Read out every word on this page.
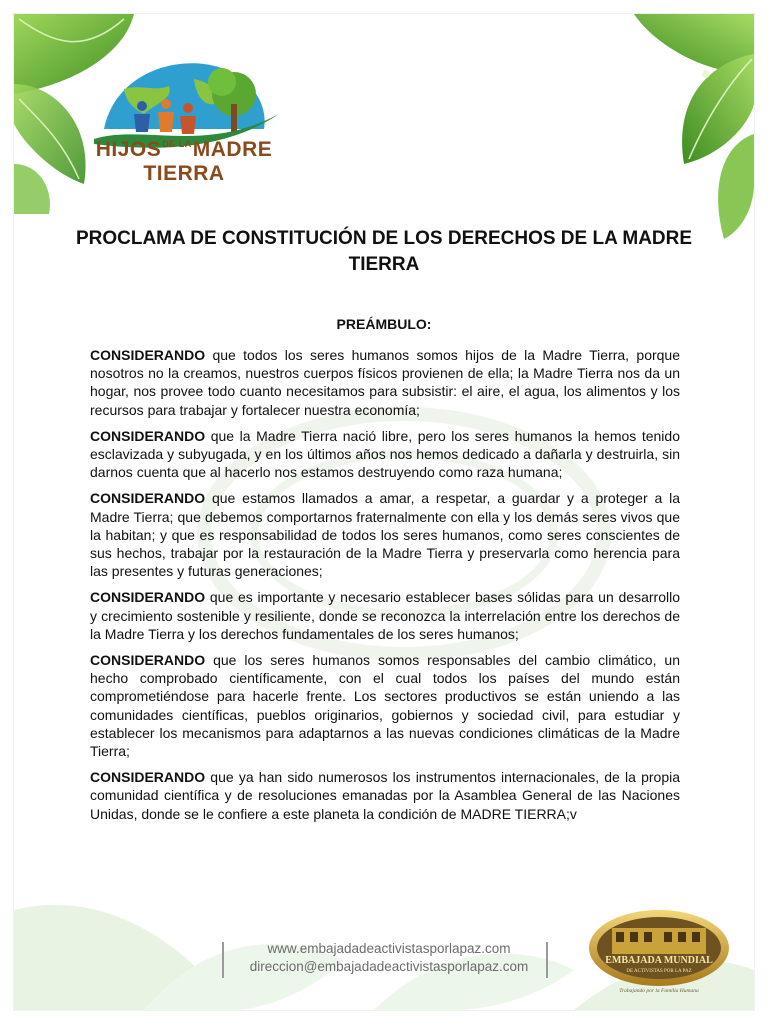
HIJOSDE LAMADRE TIERRA
PROCLAMA DE CONSTITUCIÓN DE LOS DERECHOS DE LA MADRE TIERRA
PREÁMBULO:

CONSIDERANDO que todos los seres humanos somos hijos de la Madre Tierra, porque nosotros no la creamos, nuestros cuerpos físicos provienen de ella; la Madre Tierra nos da un hogar, nos provee todo cuanto necesitamos para subsistir: el aire, el agua, los alimentos y los recursos para trabajar y fortalecer nuestra economía;

CONSIDERANDO que la Madre Tierra nació libre, pero los seres humanos la hemos tenido esclavizada y subyugada, y en los últimos años nos hemos dedicado a dañarla y destruirla, sin darnos cuenta que al hacerlo nos estamos destruyendo como raza humana;

CONSIDERANDO que estamos llamados a amar, a respetar, a guardar y a proteger a la Madre Tierra; que debemos comportarnos fraternalmente con ella y los demás seres vivos que la habitan; y que es responsabilidad de todos los seres humanos, como seres conscientes de sus hechos, trabajar por la restauración de la Madre Tierra y preservarla como herencia para las presentes y futuras generaciones;

CONSIDERANDO que es importante y necesario establecer bases sólidas para un desarrollo y crecimiento sostenible y resiliente, donde se reconozca la interrelación entre los derechos de la Madre Tierra y los derechos fundamentales de los seres humanos;

CONSIDERANDO que los seres humanos somos responsables del cambio climático, un hecho comprobado científicamente, con el cual todos los países del mundo están comprometiéndose para hacerle frente. Los sectores productivos se están uniendo a las comunidades científicas, pueblos originarios, gobiernos y sociedad civil, para estudiar y establecer los mecanismos para adaptarnos a las nuevas condiciones climáticas de la Madre Tierra;

CONSIDERANDO que ya han sido numerosos los instrumentos internacionales, de la propia comunidad científica y de resoluciones emanadas por la Asamblea General de las Naciones Unidas, donde se le confiere a este planeta la condición de MADRE TIERRA;v

www.embajadadeactivistasporlapaz.com
direccion@embajadadeactivistasporlapaz.com	EMBAJADA MUNDIAL
DE ACTIVISTAS POR LA PAZ
Trabajando por la Familia Humana
